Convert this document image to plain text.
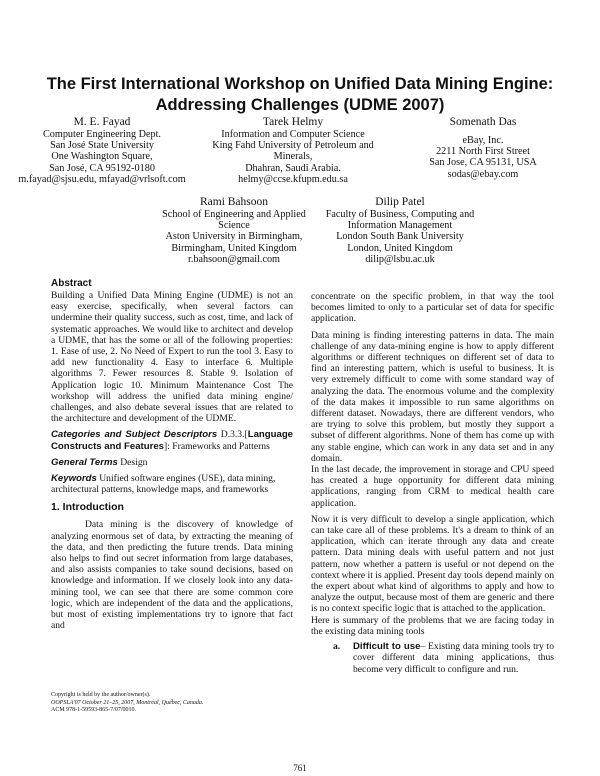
The First International Workshop on Unified Data Mining Engine:
Addressing Challenges (UDME 2007)
M. E. Fayad
Computer Engineering Dept.
San José State University
One Washington Square,
San José, CA 95192-0180
m.fayad@sjsu.edu, mfayad@vrlsoft.com
Tarek Helmy
Information and Computer Science
King Fahd University of Petroleum and
Minerals,
Dhahran, Saudi Arabia.
helmy@ccse.kfupm.edu.sa
Somenath Das
eBay, Inc.
2211 North First Street
San Jose, CA 95131, USA
sodas@ebay.com
Rami Bahsoon
School of Engineering and Applied
Science
Aston University in Birmingham,
Birmingham, United Kingdom
r.bahsoon@gmail.com
Dilip Patel
Faculty of Business, Computing and
Information Management
London South Bank University
London, United Kingdom
dilip@lsbu.ac.uk

Abstract

Building a Unified Data Mining Engine (UDME) is not an easy exercise, specifically, when several factors can undermine their quality success, such as cost, time, and lack of systematic approaches. We would like to architect and develop a UDME, that has the some or all of the following properties: 1. Ease of use, 2. No Need of Expert to run the tool 3. Easy to add new functionality 4. Easy to interface 6. Multiple algorithms 7. Fewer resources 8. Stable 9. Isolation of Application logic 10. Minimum Maintenance Cost The workshop will address the unified data mining engine/ challenges, and also debate several issues that are related to the architecture and development of the UDME.

Categories and Subject Descriptors D.3.3.[Language Constructs and Features]: Frameworks and Patterns

General Terms Design

Keywords Unified software engines (USE), data mining, architectural patterns, knowledge maps, and frameworks

1. Introduction

Data mining is the discovery of knowledge of analyzing enormous set of data, by extracting the meaning of the data, and then predicting the future trends. Data mining also helps to find out secret information from large databases, and also assists companies to take sound decisions, based on knowledge and information. If we closely look into any data-mining tool, we can see that there are some common core logic, which are independent of the data and the applications, but most of existing implementations try to ignore that fact and

Copyright is held by the author/owner(s).
OOPSLA'07 October 21–25, 2007, Montréal, Québec, Canada.
ACM 978-1-59593-865-7/07/0010.

concentrate on the specific problem, in that way the tool becomes limited to only to a particular set of data for specific application.

Data mining is finding interesting patterns in data. The main challenge of any data-mining engine is how to apply different algorithms or different techniques on different set of data to find an interesting pattern, which is useful to business. It is very extremely difficult to come with some standard way of analyzing the data. The enormous volume and the complexity of the data makes it impossible to run same algorithms on different dataset. Nowadays, there are different vendors, who are trying to solve this problem, but mostly they support a subset of different algorithms. None of them has come up with any stable engine, which can work in any data set and in any domain.

In the last decade, the improvement in storage and CPU speed has created a huge opportunity for different data mining applications, ranging from CRM to medical health care application.

Now it is very difficult to develop a single application, which can take care all of these problems. It's a dream to think of an application, which can iterate through any data and create pattern. Data mining deals with useful pattern and not just pattern, now whether a pattern is useful or not depend on the context where it is applied. Present day tools depend mainly on the expert about what kind of algorithms to apply and how to analyze the output, because most of them are generic and there is no context specific logic that is attached to the application.

Here is summary of the problems that we are facing today in the existing data mining tools

a. Difficult to use– Existing data mining tools try to cover different data mining applications, thus become very difficult to configure and run.
761
